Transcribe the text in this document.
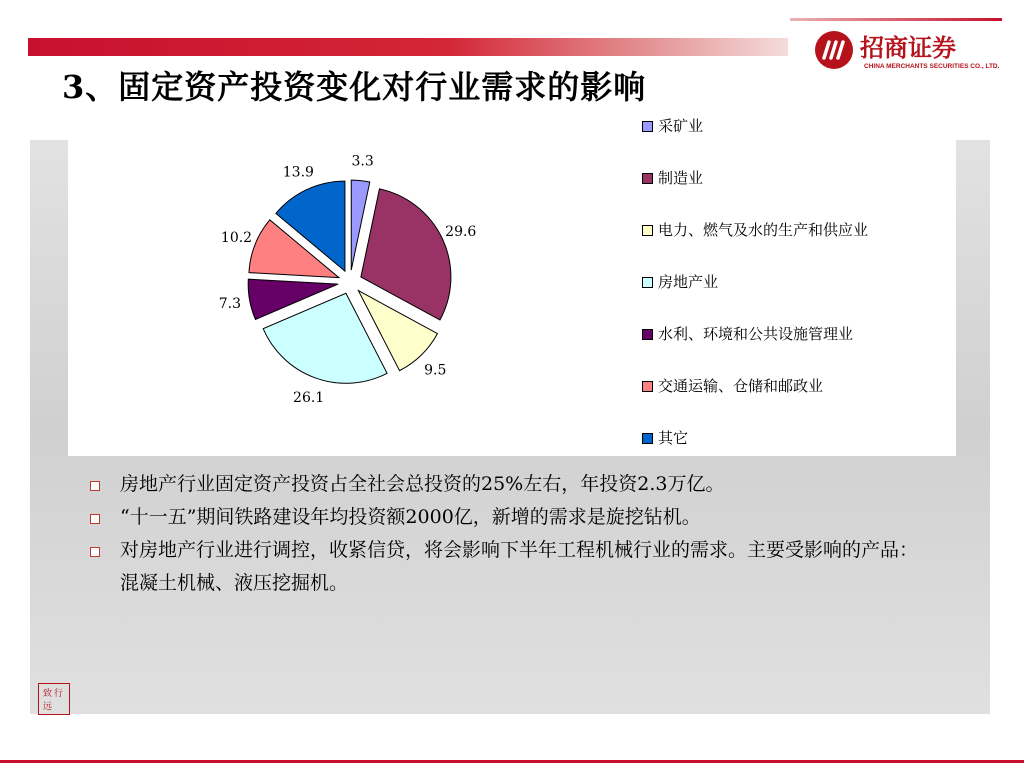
招商证券
CHINA MERCHANTS SECURITIES CO., LTD.
3、固定资产投资变化对行业需求的影响
3.3
29.6
9.5
26.1
7.3
10.2
13.9
采矿业
制造业
电力、燃气及水的生产和供应业
房地产业
水利、环境和公共设施管理业
交通运输、仓储和邮政业
其它
房地产行业固定资产投资占全社会总投资的25%左右，年投资2.3万亿。
“十一五”期间铁路建设年均投资额2000亿，新增的需求是旋挖钻机。
对房地产行业进行调控，收紧信贷，将会影响下半年工程机械行业的需求。主要受影响的产品：混凝土机械、液压挖掘机。
致 行
远
